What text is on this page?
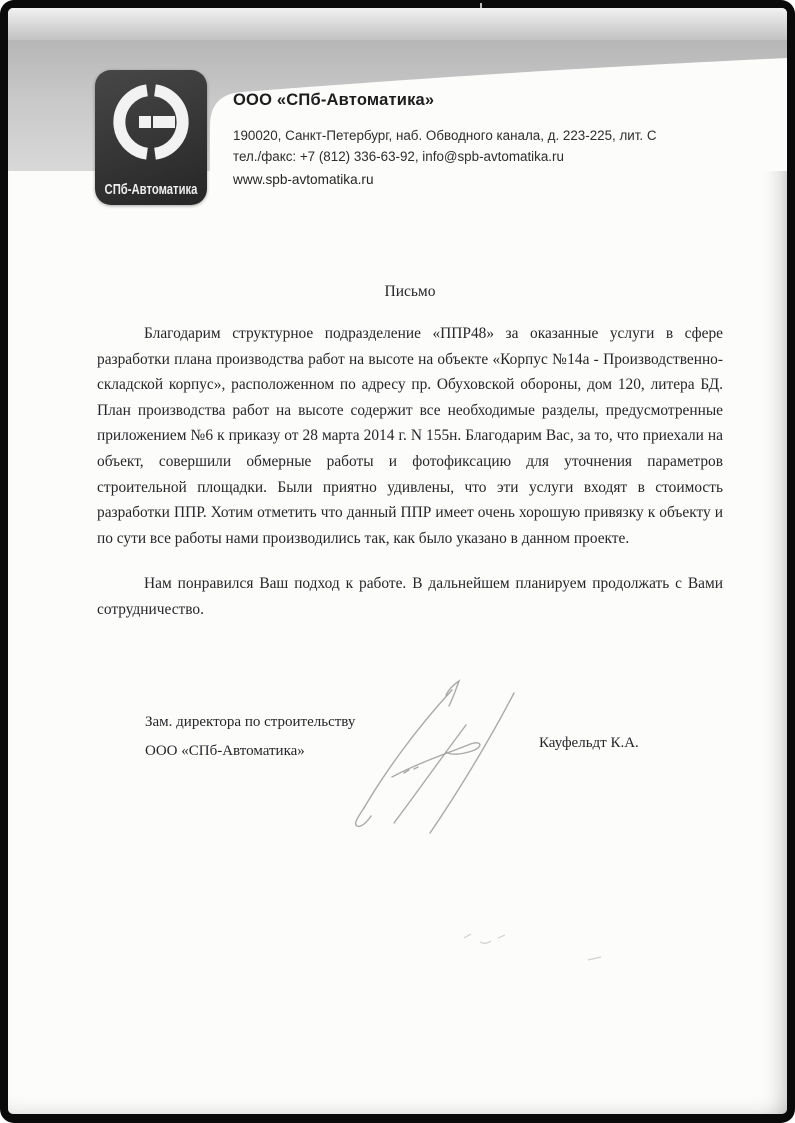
СПб-Автоматика
ООО «СПб-Автоматика»
190020, Санкт-Петербург, наб. Обводного канала, д. 223-225, лит. С
тел./факс: +7 (812) 336-63-92, info@spb-avtomatika.ru
www.spb-avtomatika.ru
Письмо

Благодарим структурное подразделение «ППР48» за оказанные услуги в сфере разработки плана производства работ на высоте на объекте «Корпус №14а - Производственно-складской корпус», расположенном по адресу пр. Обуховской обороны, дом 120, литера БД. План производства работ на высоте содержит все необходимые разделы, предусмотренные приложением №6 к приказу от 28 марта 2014 г. N 155н. Благодарим Вас, за то, что приехали на объект, совершили обмерные работы и фотофиксацию для уточнения параметров строительной площадки. Были приятно удивлены, что эти услуги входят в стоимость разработки ППР. Хотим отметить что данный ППР имеет очень хорошую привязку к объекту и по сути все работы нами производились так, как было указано в данном проекте.

Нам понравился Ваш подход к работе. В дальнейшем планируем продолжать с Вами сотрудничество.

Зам. директора по строительству
ООО «СПб-Автоматика»	Кауфельдт К.А.
